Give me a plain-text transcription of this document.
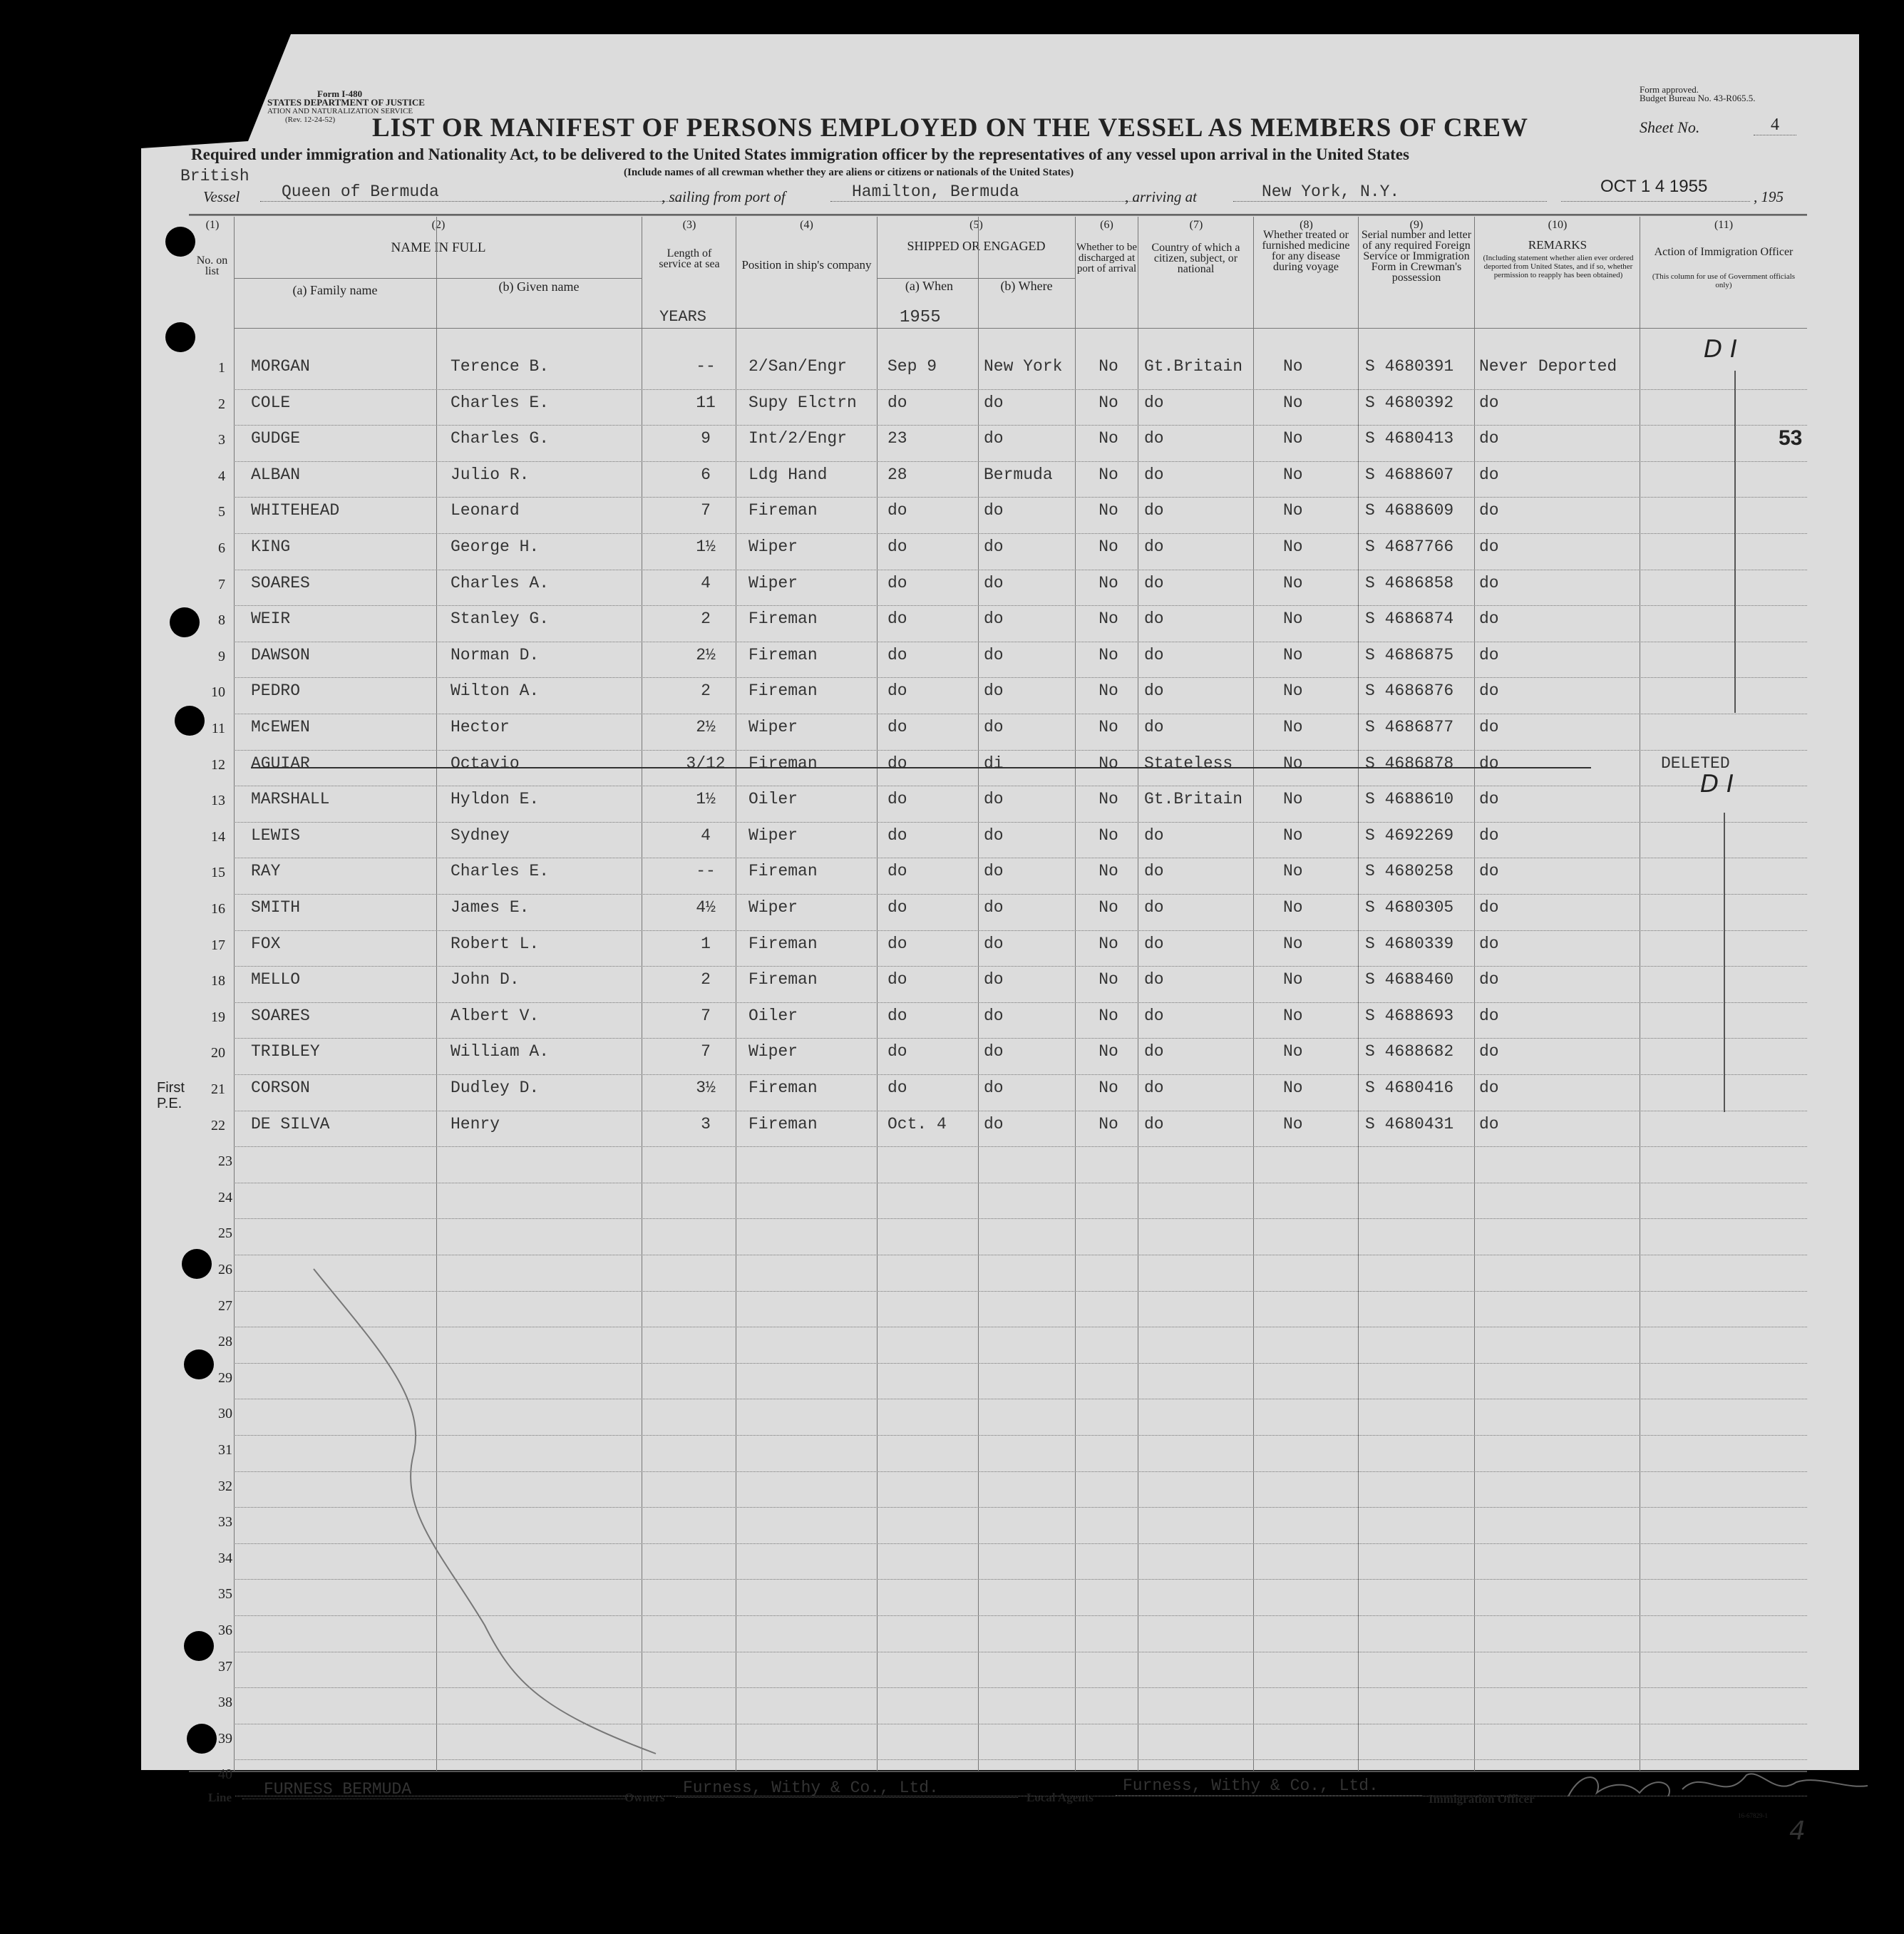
Form I-480
STATES DEPARTMENT OF JUSTICE
ATION AND NATURALIZATION SERVICE
(Rev. 12-24-52)
Form approved.
Budget Bureau No. 43-R065.5.
Sheet No.	4
LIST OR MANIFEST OF PERSONS EMPLOYED ON THE VESSEL AS MEMBERS OF CREW
Required under immigration and Nationality Act, to be delivered to the United States immigration officer by the representatives of any vessel upon arrival in the United States
(Include names of all crewman whether they are aliens or citizens or nationals of the United States)
British
Vessel	Queen of Bermuda	, sailing from port of	Hamilton, Bermuda	, arriving at	New York, N.Y.	OCT 1 4 1955
, 195
(1)
No. on list
(2)
NAME IN FULL
(a) Family name	(b) Given name
(3)
Length of service at sea
(4)
Position in ship's company
(5)
SHIPPED OR ENGAGED
(a) When	(b) Where
(6)
Whether to be discharged at port of arrival
(7)
Country of which a citizen, subject, or national
(8)
Whether treated or furnished medicine for any disease during voyage
(9)
Serial number and letter of any required Foreign Service or Immigration Form in Crewman's possession
(10)
REMARKS
(Including statement whether alien ever ordered deported from United States, and if so, whether permission to reapply has been obtained)
(11)
Action of Immigration Officer
(This column for use of Government officials only)
YEARS	1955
1 MORGAN	Terence B.	--	2/San/Engr Sep 9	New York	No	Gt.Britain No	S 4680391 Never Deported
2 COLE	Charles E.	11	Supy Elctrn do	do	No	do	No	S 4680392 do
3 GUDGE	Charles G.	9	Int/2/Engr 23	do	No	do	No	S 4680413 do
4 ALBAN	Julio R.	6	Ldg Hand	28	Bermuda	No	do	No	S 4688607 do
5 WHITEHEAD	Leonard	7	Fireman	do	do	No	do	No	S 4688609 do
6 KING	George H.	1½	Wiper	do	do	No	do	No	S 4687766 do
7 SOARES	Charles A.	4	Wiper	do	do	No	do	No	S 4686858 do
8 WEIR	Stanley G.	2	Fireman	do	do	No	do	No	S 4686874 do
9 DAWSON	Norman D.	2½	Fireman	do	do	No	do	No	S 4686875 do
10 PEDRO	Wilton A.	2	Fireman	do	do	No	do	No	S 4686876 do
11 McEWEN	Hector	2½	Wiper	do	do	No	do	No	S 4686877 do
12 AGUIAR	Octavio	3/12	Fireman	do	di	No	Stateless	No	S 4686878 do	DELETED
13 MARSHALL	Hyldon E.	1½	Oiler	do	do	No	Gt.Britain No	S 4688610 do
14 LEWIS	Sydney	4	Wiper	do	do	No	do	No	S 4692269 do
15 RAY	Charles E.	--	Fireman	do	do	No	do	No	S 4680258 do
16 SMITH	James E.	4½	Wiper	do	do	No	do	No	S 4680305 do
17 FOX	Robert L.	1	Fireman	do	do	No	do	No	S 4680339 do
18 MELLO	John D.	2	Fireman	do	do	No	do	No	S 4688460 do
19 SOARES	Albert V.	7	Oiler	do	do	No	do	No	S 4688693 do
20 TRIBLEY	William A.	7	Wiper	do	do	No	do	No	S 4688682 do
21 CORSON	Dudley D.	3½	Fireman	do	do	No	do	No	S 4680416 do
22 DE SILVA	Henry	3	Fireman	Oct. 4 do	No	do	No	S 4680431 do
23
24
25
26
27
28
29
30
31
32
33
34
35
36
37
38
39
40
53
D I
D I
First P.E.
Line	FURNESS BERMUDA	Owners
Furness, Withy & Co., Ltd.
Local Agents
Furness, Withy & Co., Ltd.
Immigration Officer
16-67829-1
4
